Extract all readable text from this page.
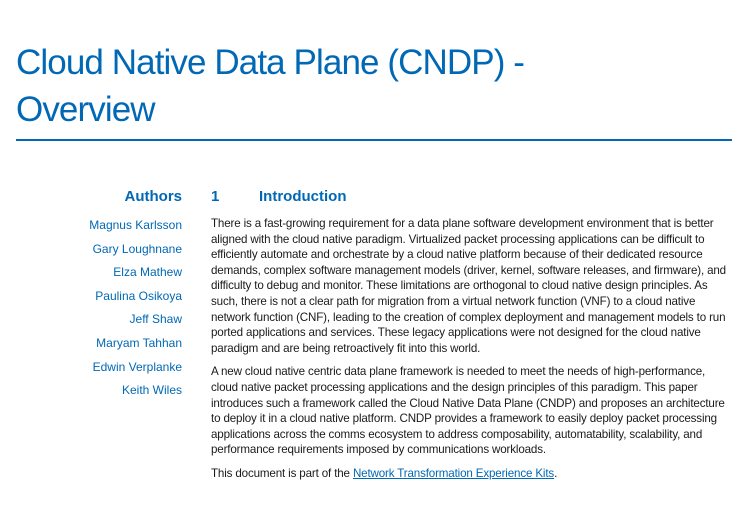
Cloud Native Data Plane (CNDP) -
Overview
Authors
Magnus Karlsson
Gary Loughnane
Elza Mathew
Paulina Osikoya
Jeff Shaw
Maryam Tahhan
Edwin Verplanke
Keith Wiles
1	Introduction

There is a fast-growing requirement for a data plane software development environment that is better aligned with the cloud native paradigm. Virtualized packet processing applications can be difficult to efficiently automate and orchestrate by a cloud native platform because of their dedicated resource demands, complex software management models (driver, kernel, software releases, and firmware), and difficulty to debug and monitor. These limitations are orthogonal to cloud native design principles. As such, there is not a clear path for migration from a virtual network function (VNF) to a cloud native network function (CNF), leading to the creation of complex deployment and management models to run ported applications and services. These legacy applications were not designed for the cloud native paradigm and are being retroactively fit into this world.

A new cloud native centric data plane framework is needed to meet the needs of high-performance, cloud native packet processing applications and the design principles of this paradigm. This paper introduces such a framework called the Cloud Native Data Plane (CNDP) and proposes an architecture to deploy it in a cloud native platform. CNDP provides a framework to easily deploy packet processing applications across the comms ecosystem to address composability, automatability, scalability, and performance requirements imposed by communications workloads.

This document is part of the Network Transformation Experience Kits.
